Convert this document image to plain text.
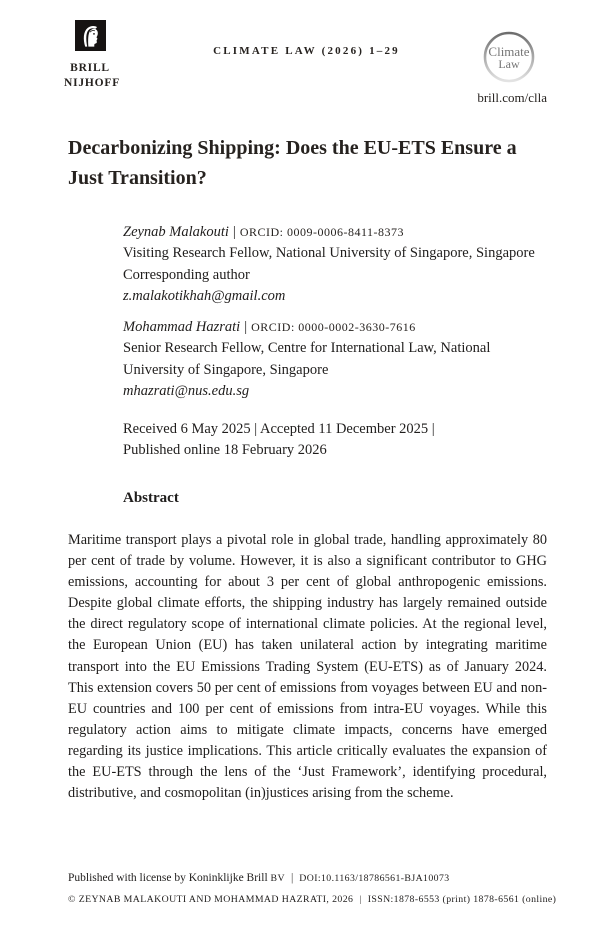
BRILL
NIJHOFF
CLIMATE LAW (2026) 1–29	Climate
Law
brill.com/clla
Decarbonizing Shipping: Does the EU-ETS Ensure a
Just Transition?
Zeynab Malakouti | ORCID: 0009-0006-8411-8373
Visiting Research Fellow, National University of Singapore, Singapore
Corresponding author
z.malakotikhah@gmail.com
Mohammad Hazrati | ORCID: 0000-0002-3630-7616
Senior Research Fellow, Centre for International Law, National University of Singapore, Singapore
mhazrati@nus.edu.sg
Received 6 May 2025 | Accepted 11 December 2025 |
Published online 18 February 2026
Abstract
Maritime transport plays a pivotal role in global trade, handling approximately 80 per cent of trade by volume. However, it is also a significant contributor to GHG emissions, accounting for about 3 per cent of global anthropogenic emissions. Despite global climate efforts, the shipping industry has largely remained outside the direct regulatory scope of international climate policies. At the regional level, the European Union (EU) has taken unilateral action by integrating maritime transport into the EU Emissions Trading System (EU-ETS) as of January 2024. This extension covers 50 per cent of emissions from voyages between EU and non-EU countries and 100 per cent of emissions from intra-EU voyages. While this regulatory action aims to mitigate climate impacts, concerns have emerged regarding its justice implications. This article critically evaluates the expansion of the EU-ETS through the lens of the ‘Just Framework’, identifying procedural, distributive, and cosmopolitan (in)justices arising from the scheme.
Published with license by Koninklijke Brill BV | DOI:10.1163/18786561-BJA10073
© ZEYNAB MALAKOUTI AND MOHAMMAD HAZRATI, 2026 | ISSN:1878-6553 (print) 1878-6561 (online)
